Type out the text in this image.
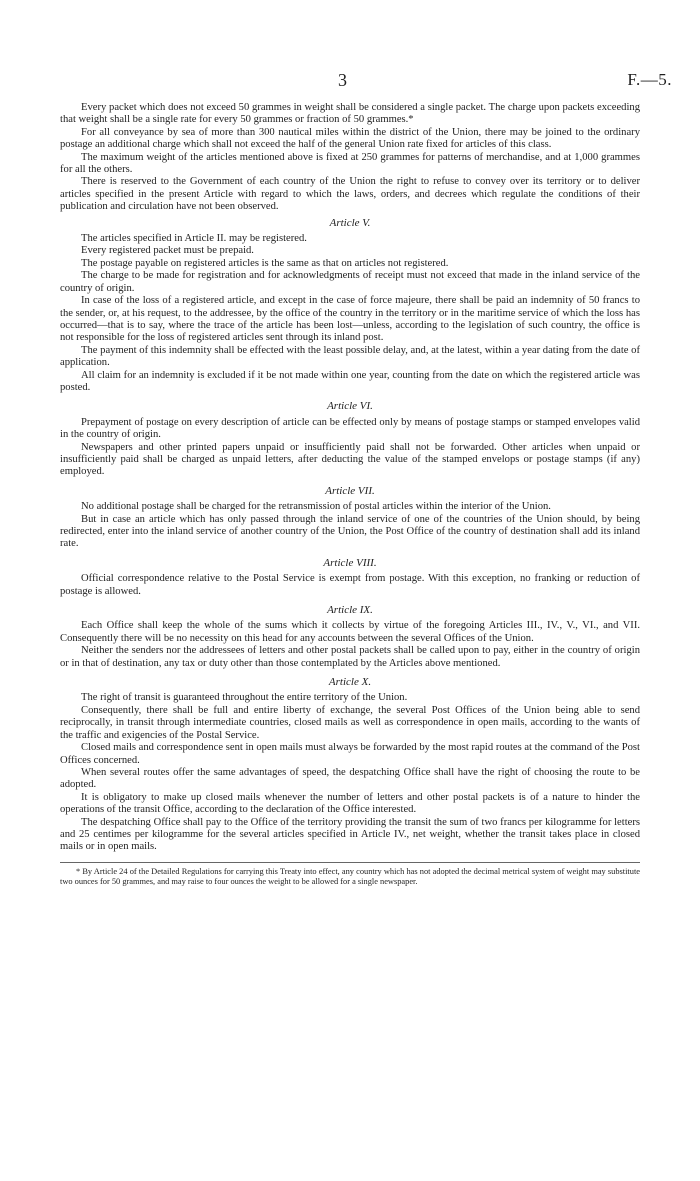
3	F.—5.

Every packet which does not exceed 50 grammes in weight shall be considered a single packet. The charge upon packets exceeding that weight shall be a single rate for every 50 grammes or fraction of 50 grammes.*

For all conveyance by sea of more than 300 nautical miles within the district of the Union, there may be joined to the ordinary postage an additional charge which shall not exceed the half of the general Union rate fixed for articles of this class.

The maximum weight of the articles mentioned above is fixed at 250 grammes for patterns of merchandise, and at 1,000 grammes for all the others.

There is reserved to the Government of each country of the Union the right to refuse to convey over its territory or to deliver articles specified in the present Article with regard to which the laws, orders, and decrees which regulate the conditions of their publication and circulation have not been observed.

Article V.

The articles specified in Article II. may be registered.

Every registered packet must be prepaid.

The postage payable on registered articles is the same as that on articles not registered.

The charge to be made for registration and for acknowledgments of receipt must not exceed that made in the inland service of the country of origin.

In case of the loss of a registered article, and except in the case of force majeure, there shall be paid an indemnity of 50 francs to the sender, or, at his request, to the addressee, by the office of the country in the territory or in the maritime service of which the loss has occurred—that is to say, where the trace of the article has been lost—unless, according to the legislation of such country, the office is not responsible for the loss of registered articles sent through its inland post.

The payment of this indemnity shall be effected with the least possible delay, and, at the latest, within a year dating from the date of application.

All claim for an indemnity is excluded if it be not made within one year, counting from the date on which the registered article was posted.

Article VI.

Prepayment of postage on every description of article can be effected only by means of postage stamps or stamped envelopes valid in the country of origin.

Newspapers and other printed papers unpaid or insufficiently paid shall not be forwarded. Other articles when unpaid or insufficiently paid shall be charged as unpaid letters, after deducting the value of the stamped envelops or postage stamps (if any) employed.

Article VII.

No additional postage shall be charged for the retransmission of postal articles within the interior of the Union.

But in case an article which has only passed through the inland service of one of the countries of the Union should, by being redirected, enter into the inland service of another country of the Union, the Post Office of the country of destination shall add its inland rate.

Article VIII.

Official correspondence relative to the Postal Service is exempt from postage. With this exception, no franking or reduction of postage is allowed.

Article IX.

Each Office shall keep the whole of the sums which it collects by virtue of the foregoing Articles III., IV., V., VI., and VII. Consequently there will be no necessity on this head for any accounts between the several Offices of the Union.

Neither the senders nor the addressees of letters and other postal packets shall be called upon to pay, either in the country of origin or in that of destination, any tax or duty other than those contemplated by the Articles above mentioned.

Article X.

The right of transit is guaranteed throughout the entire territory of the Union.

Consequently, there shall be full and entire liberty of exchange, the several Post Offices of the Union being able to send reciprocally, in transit through intermediate countries, closed mails as well as correspondence in open mails, according to the wants of the traffic and exigencies of the Postal Service.

Closed mails and correspondence sent in open mails must always be forwarded by the most rapid routes at the command of the Post Offices concerned.

When several routes offer the same advantages of speed, the despatching Office shall have the right of choosing the route to be adopted.

It is obligatory to make up closed mails whenever the number of letters and other postal packets is of a nature to hinder the operations of the transit Office, according to the declaration of the Office interested.

The despatching Office shall pay to the Office of the territory providing the transit the sum of two francs per kilogramme for letters and 25 centimes per kilogramme for the several articles specified in Article IV., net weight, whether the transit takes place in closed mails or in open mails.

* By Article 24 of the Detailed Regulations for carrying this Treaty into effect, any country which has not adopted the decimal metrical system of weight may substitute two ounces for 50 grammes, and may raise to four ounces the weight to be allowed for a single newspaper.
